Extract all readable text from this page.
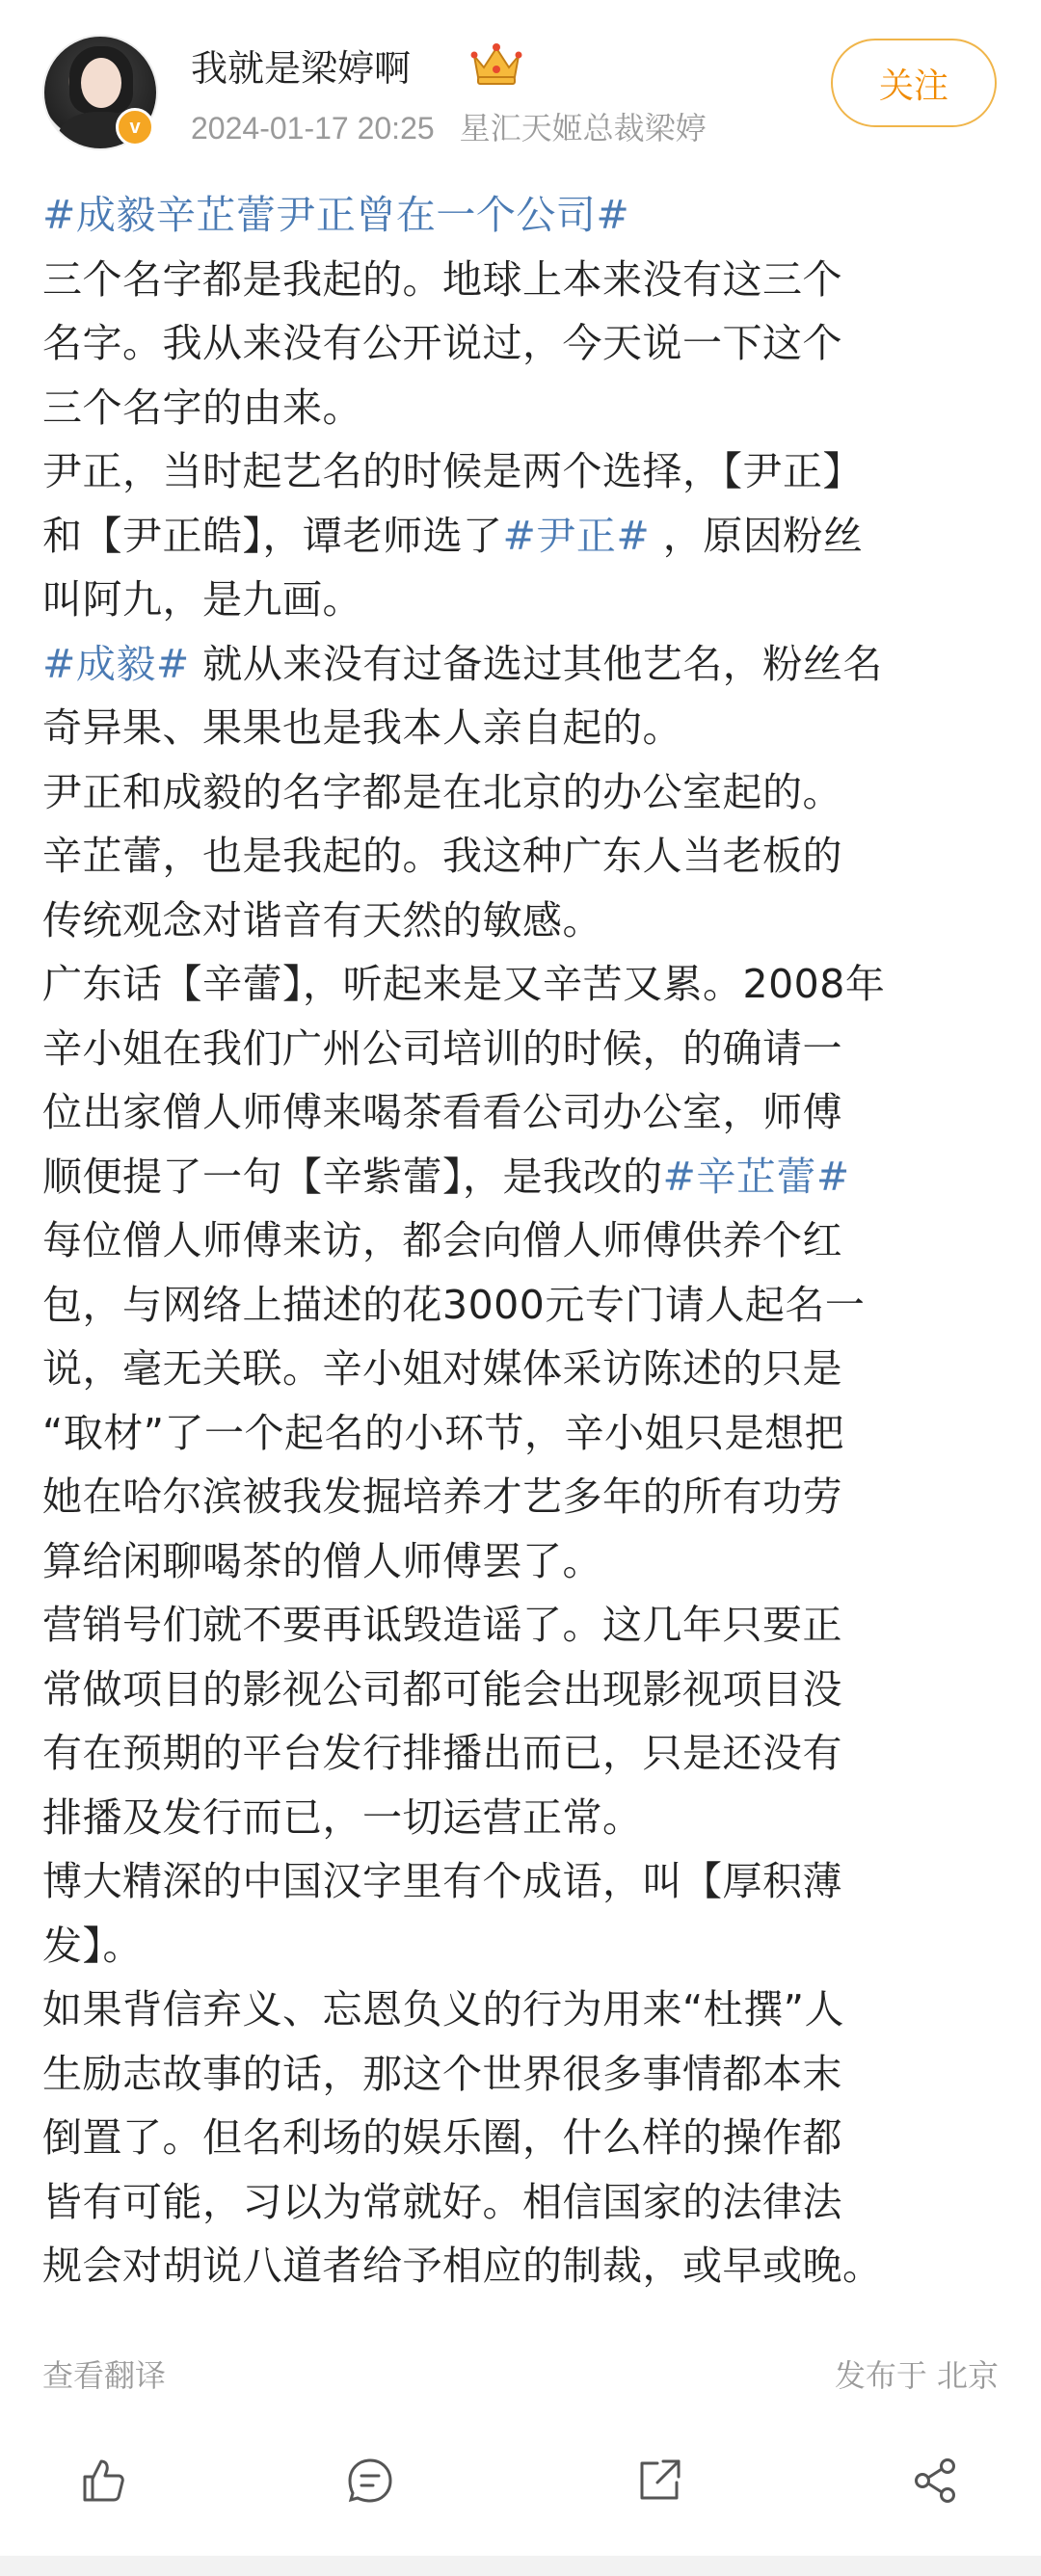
v
我就是梁婷啊
2024-01-17 20:25 星汇天姬总裁梁婷
关注

#成毅辛芷蕾尹正曾在一个公司#

三个名字都是我起的。地球上本来没有这三个

名字。我从来没有公开说过，今天说一下这个

三个名字的由来。

尹正，当时起艺名的时候是两个选择，【尹正】

和【尹正皓】，谭老师选了#尹正# ，原因粉丝

叫阿九，是九画。

#成毅# 就从来没有过备选过其他艺名，粉丝名

奇异果、果果也是我本人亲自起的。

尹正和成毅的名字都是在北京的办公室起的。

辛芷蕾，也是我起的。我这种广东人当老板的

传统观念对谐音有天然的敏感。

广东话【辛蕾】，听起来是又辛苦又累。2008年

辛小姐在我们广州公司培训的时候，的确请一

位出家僧人师傅来喝茶看看公司办公室，师傅

顺便提了一句【辛紫蕾】，是我改的#辛芷蕾#

每位僧人师傅来访，都会向僧人师傅供养个红

包，与网络上描述的花3000元专门请人起名一

说，毫无关联。辛小姐对媒体采访陈述的只是

“取材”了一个起名的小环节，辛小姐只是想把

她在哈尔滨被我发掘培养才艺多年的所有功劳

算给闲聊喝茶的僧人师傅罢了。

营销号们就不要再诋毁造谣了。这几年只要正

常做项目的影视公司都可能会出现影视项目没

有在预期的平台发行排播出而已，只是还没有

排播及发行而已，一切运营正常。

博大精深的中国汉字里有个成语，叫【厚积薄

发】。

如果背信弃义、忘恩负义的行为用来“杜撰”人

生励志故事的话，那这个世界很多事情都本末

倒置了。但名利场的娱乐圈，什么样的操作都

皆有可能，习以为常就好。相信国家的法律法

规会对胡说八道者给予相应的制裁，或早或晚。

查看翻译	发布于 北京
